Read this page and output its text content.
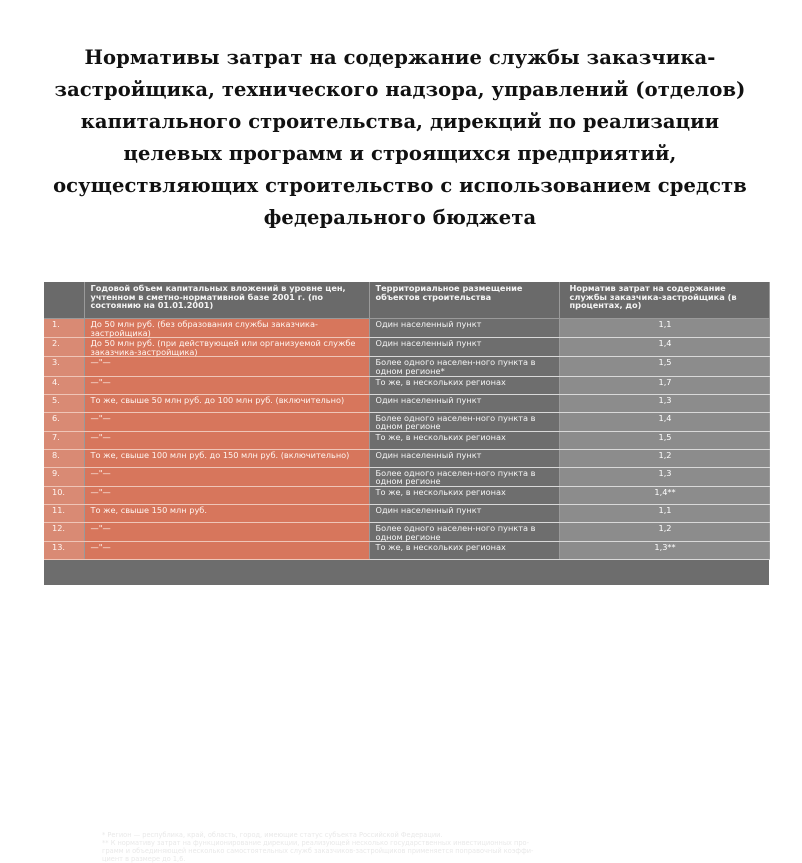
Нормативы затрат на содержание службы заказчика-
застройщика, технического надзора, управлений (отделов)
капитального строительства, дирекций по реализации
целевых программ и строящихся предприятий,
осуществляющих строительство с использованием средств
федерального бюджета
	Годовой объем капитальных вложений в уровне цен, учтенном в сметно-нормативной базе 2001 г. (по состоянию на 01.01.2001)	Территориальное размещение объектов строительства	Норматив затрат на содержание службы заказчика-застройщика (в процентах, до)
1.	До 50 млн руб. (без образования службы заказчика-застройщика)	Один населенный пункт	1,1
2.	До 50 млн руб. (при действующей или организуемой службе заказчика-застройщика)	Один населенный пункт	1,4
3.	—"—	Более одного населен-ного пункта в одном регионе*	1,5
4.	—"—	То же, в нескольких регионах	1,7
5.	То же, свыше 50 млн руб. до 100 млн руб. (включительно)	Один населенный пункт	1,3
6.	—"—	Более одного населен-ного пункта в одном регионе	1,4
7.	—"—	То же, в нескольких регионах	1,5
8.	То же, свыше 100 млн руб. до 150 млн руб. (включительно)	Один населенный пункт	1,2
9.	—"—	Более одного населен-ного пункта в одном регионе	1,3
10.	—"—	То же, в нескольких регионах	1,4**
11.	То же, свыше 150 млн руб.	Один населенный пункт	1,1
12.	—"—	Более одного населен-ного пункта в одном регионе	1,2
13.	—"—	То же, в нескольких регионах	1,3**
* Регион — республика, край, область, город, имеющие статус субъекта Российской Федерации.
** К нормативу затрат на функционирование дирекции, реализующей несколько государственных инвестиционных про-
грамм и объединяющей несколько самостоятельных служб заказчиков-застройщиков применяется поправочный коэффи-
циент в размере до 1,6.
